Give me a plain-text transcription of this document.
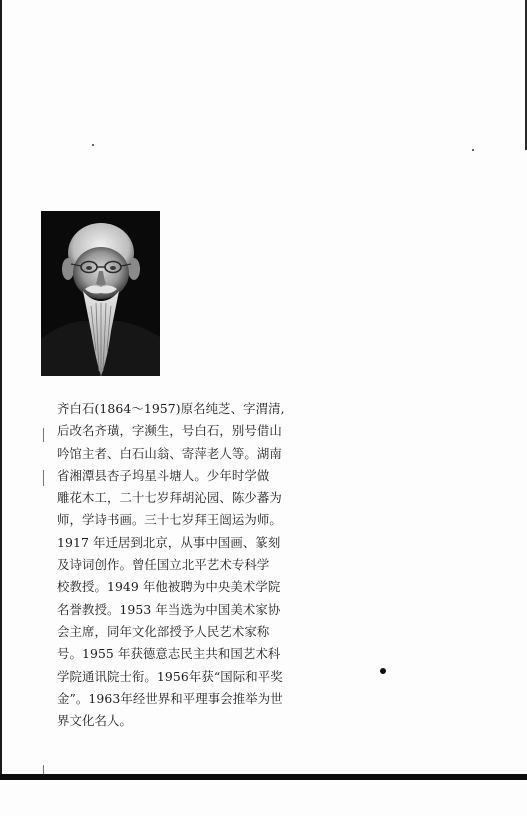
齐白石(1864～1957)原名纯芝、字渭清,
后改名齐璜，字濒生，号白石，别号借山
吟馆主者、白石山翁、寄萍老人等。湖南
省湘潭县杏子坞星斗塘人。少年时学做
雕花木工，二十七岁拜胡沁园、陈少蕃为
师，学诗书画。三十七岁拜王闿运为师。
1917 年迁居到北京，从事中国画、篆刻
及诗词创作。曾任国立北平艺术专科学
校教授。1949 年他被聘为中央美术学院
名誉教授。1953 年当选为中国美术家协
会主席，同年文化部授予人民艺术家称
号。1955 年获德意志民主共和国艺术科
学院通讯院士衔。1956年获“国际和平奖
金”。1963年经世界和平理事会推举为世
界文化名人。
